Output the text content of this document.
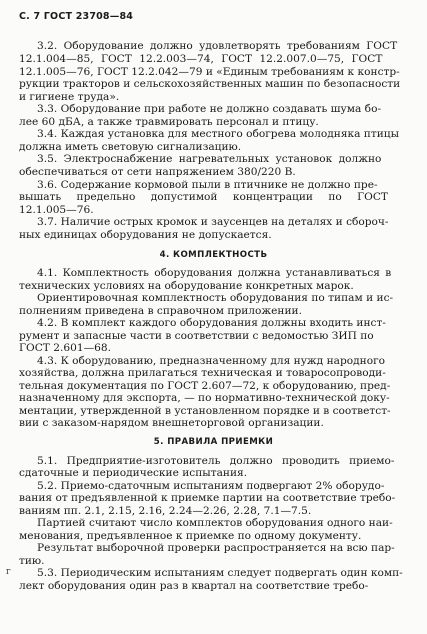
С. 7 ГОСТ 23708—84
3.2. Оборудование должно удовлетворять требованиям ГОСТ
12.1.004—85, ГОСТ 12.2.003—74, ГОСТ 12.2.007.0—75, ГОСТ
12.1.005—76, ГОСТ 12.2.042—79 и «Единым требованиям к констр-
рукции тракторов и сельскохозяйственных машин по безопасности
и гигиене труда».
3.3. Оборудование при работе не должно создавать шума бо-
лее 60 дБА, а также травмировать персонал и птицу.
3.4. Каждая установка для местного обогрева молодняка птицы
должна иметь световую сигнализацию.
3.5. Электроснабжение нагревательных установок должно
обеспечиваться от сети напряжением 380/220 В.
3.6. Содержание кормовой пыли в птичнике не должно пре-
вышать предельно допустимой концентрации по ГОСТ
12.1.005—76.
3.7. Наличие острых кромок и заусенцев на деталях и сбороч-
ных единицах оборудования не допускается.
4. КОМПЛЕКТНОСТЬ
4.1. Комплектность оборудования должна устанавливаться в
технических условиях на оборудование конкретных марок.
Ориентировочная комплектность оборудования по типам и ис-
полнениям приведена в справочном приложении.
4.2. В комплект каждого оборудования должны входить инст-
румент и запасные части в соответствии с ведомостью ЗИП по
ГОСТ 2.601—68.
4.3. К оборудованию, предназначенному для нужд народного
хозяйства, должна прилагаться техническая и товаросопроводи-
тельная документация по ГОСТ 2.607—72, к оборудованию, пред-
назначенному для экспорта, — по нормативно-технической доку-
ментации, утвержденной в установленном порядке и в соответст-
вии с заказом-нарядом внешнеторговой организации.
5. ПРАВИЛА ПРИЕМКИ
5.1. Предприятие-изготовитель должно проводить приемо-
сдаточные и периодические испытания.
5.2. Приемо-сдаточным испытаниям подвергают 2% оборудо-
вания от предъявленной к приемке партии на соответствие требо-
ваниям пп. 2.1, 2.15, 2.16, 2.24—2.26, 2.28, 7.1—7.5.
Партией считают число комплектов оборудования одного наи-
менования, предъявленное к приемке по одному документу.
Результат выборочной проверки распространяется на всю пар-
тию.
5.3. Периодическим испытаниям следует подвергать один комп-
лект оборудования один раз в квартал на соответствие требо-
г
